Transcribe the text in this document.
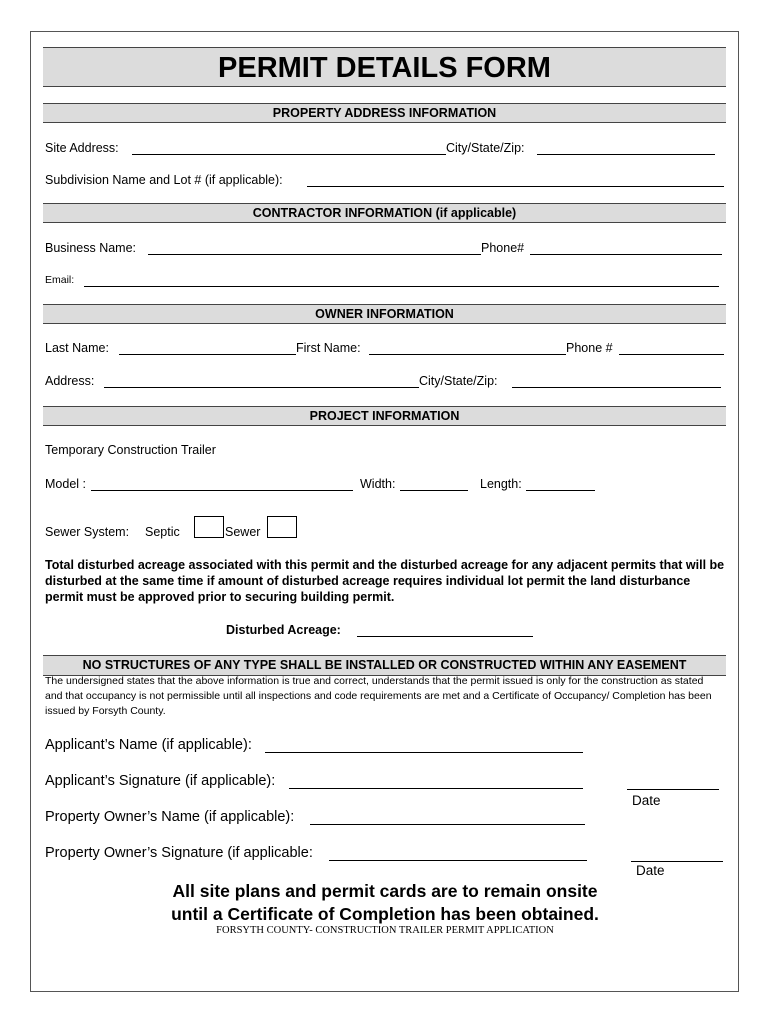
PERMIT DETAILS FORM
PROPERTY ADDRESS INFORMATION
Site Address:	City/State/Zip:
Subdivision Name and Lot # (if applicable):
CONTRACTOR INFORMATION (if applicable)
Business Name:	Phone#
Email:
OWNER INFORMATION
Last Name:	First Name:	Phone #
Address:	City/State/Zip:
PROJECT INFORMATION
Temporary Construction Trailer
Model :	Width:	Length:
Sewer System: Septic	Sewer
Total disturbed acreage associated with this permit and the disturbed acreage for any adjacent permits that will be disturbed at the same time if amount of disturbed acreage requires individual lot permit the land disturbance permit must be approved prior to securing building permit.
Disturbed Acreage:
NO STRUCTURES OF ANY TYPE SHALL BE INSTALLED OR CONSTRUCTED WITHIN ANY EASEMENT
The undersigned states that the above information is true and correct, understands that the permit issued is only for the construction as stated and that occupancy is not permissible until all inspections and code requirements are met and a Certificate of Occupancy/ Completion has been issued by Forsyth County.
Applicant’s Name (if applicable):
Applicant’s Signature (if applicable):
Date
Property Owner’s Name (if applicable):
Property Owner’s Signature (if applicable:
Date
All site plans and permit cards are to remain onsite
until a Certificate of Completion has been obtained.
FORSYTH COUNTY- CONSTRUCTION TRAILER PERMIT APPLICATION
